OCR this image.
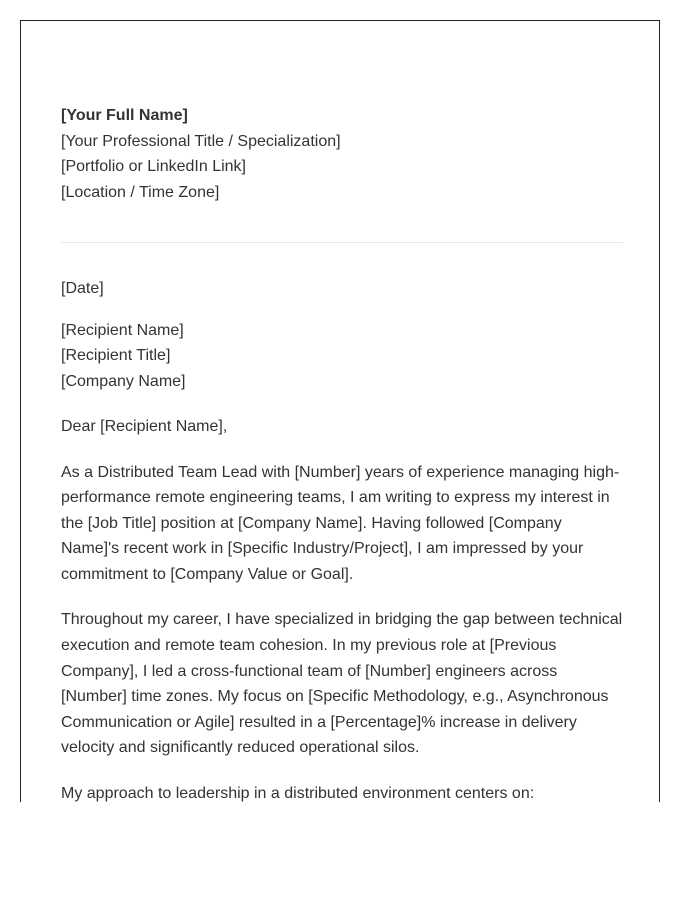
[Your Full Name]
[Your Professional Title / Specialization]
[Portfolio or LinkedIn Link]
[Location / Time Zone]
[Date]
[Recipient Name]
[Recipient Title]
[Company Name]
Dear [Recipient Name],

As a Distributed Team Lead with [Number] years of experience managing high-performance remote engineering teams, I am writing to express my interest in the [Job Title] position at [Company Name]. Having followed [Company Name]'s recent work in [Specific Industry/Project], I am impressed by your commitment to [Company Value or Goal].

Throughout my career, I have specialized in bridging the gap between technical execution and remote team cohesion. In my previous role at [Previous Company], I led a cross-functional team of [Number] engineers across [Number] time zones. My focus on [Specific Methodology, e.g., Asynchronous Communication or Agile] resulted in a [Percentage]% increase in delivery velocity and significantly reduced operational silos.

My approach to leadership in a distributed environment centers on:
